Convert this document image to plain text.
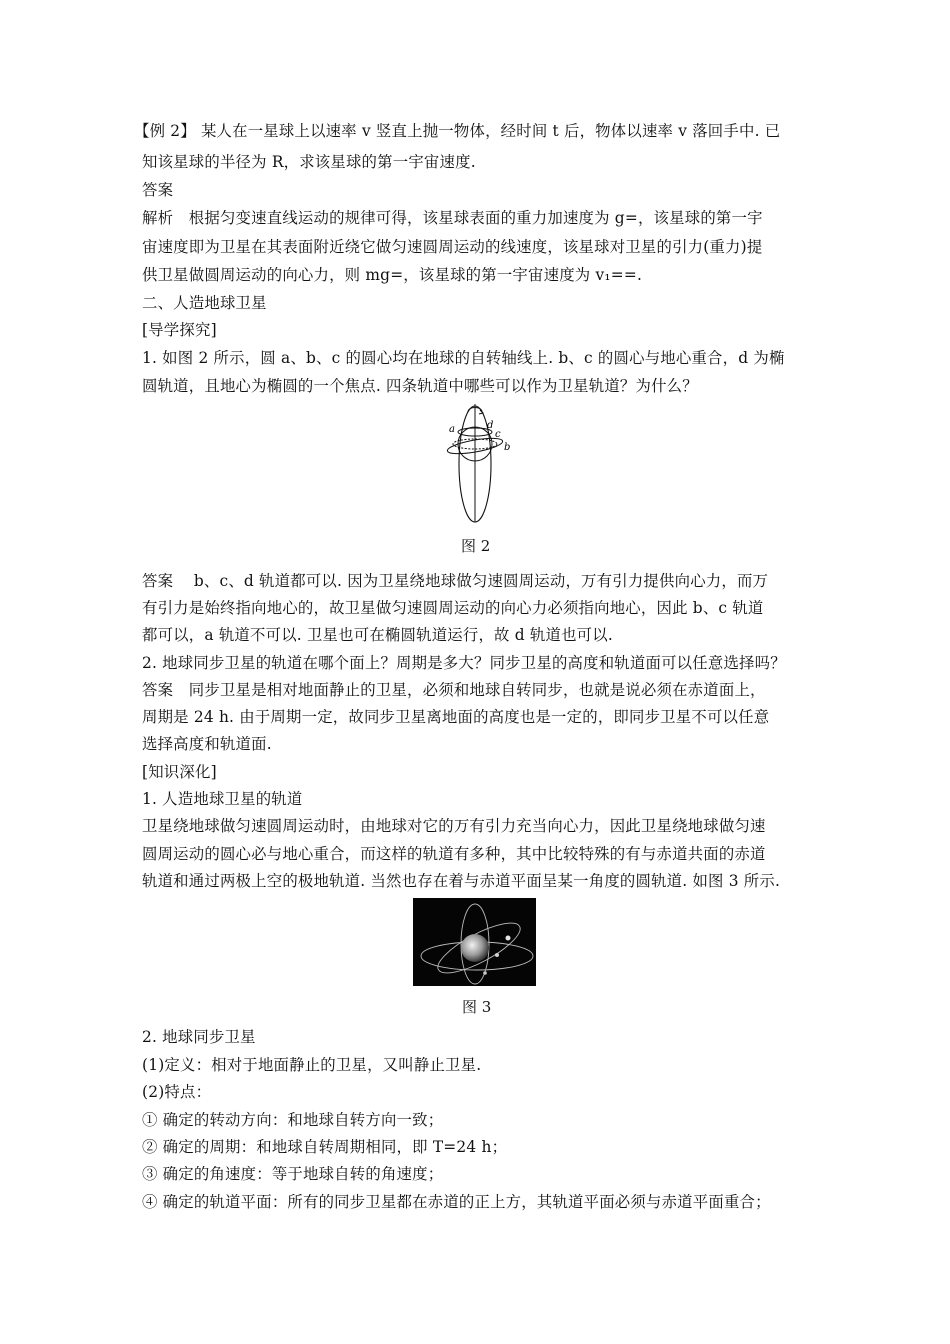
【例 2】 某人在一星球上以速率 v 竖直上抛一物体，经时间 t 后，物体以速率 v 落回手中. 已
知该星球的半径为 R，求该星球的第一宇宙速度.
答案
解析　根据匀变速直线运动的规律可得，该星球表面的重力加速度为 g=，该星球的第一宇
宙速度即为卫星在其表面附近绕它做匀速圆周运动的线速度，该星球对卫星的引力(重力)提
供卫星做圆周运动的向心力，则 mg=，该星球的第一宇宙速度为 v₁==.
二、人造地球卫星
[导学探究]
1. 如图 2 所示，圆 a、b、c 的圆心均在地球的自转轴线上. b、c 的圆心与地心重合，d 为椭
圆轨道，且地心为椭圆的一个焦点. 四条轨道中哪些可以作为卫星轨道？为什么？
答案　 b、c、d 轨道都可以. 因为卫星绕地球做匀速圆周运动，万有引力提供向心力，而万
有引力是始终指向地心的，故卫星做匀速圆周运动的向心力必须指向地心，因此 b、c 轨道
都可以，a 轨道不可以. 卫星也可在椭圆轨道运行，故 d 轨道也可以.
2. 地球同步卫星的轨道在哪个面上？周期是多大？同步卫星的高度和轨道面可以任意选择吗？
答案　同步卫星是相对地面静止的卫星，必须和地球自转同步，也就是说必须在赤道面上，
周期是 24 h. 由于周期一定，故同步卫星离地面的高度也是一定的，即同步卫星不可以任意
选择高度和轨道面.
[知识深化]
1. 人造地球卫星的轨道
卫星绕地球做匀速圆周运动时，由地球对它的万有引力充当向心力，因此卫星绕地球做匀速
圆周运动的圆心必与地心重合，而这样的轨道有多种，其中比较特殊的有与赤道共面的赤道
轨道和通过两极上空的极地轨道. 当然也存在着与赤道平面呈某一角度的圆轨道. 如图 3 所示.
2. 地球同步卫星
(1)定义：相对于地面静止的卫星，又叫静止卫星.
(2)特点：
① 确定的转动方向：和地球自转方向一致；
② 确定的周期：和地球自转周期相同，即 T=24 h；
③ 确定的角速度：等于地球自转的角速度；
④ 确定的轨道平面：所有的同步卫星都在赤道的正上方，其轨道平面必须与赤道平面重合；
a	d
c
b
图 2
图 3
